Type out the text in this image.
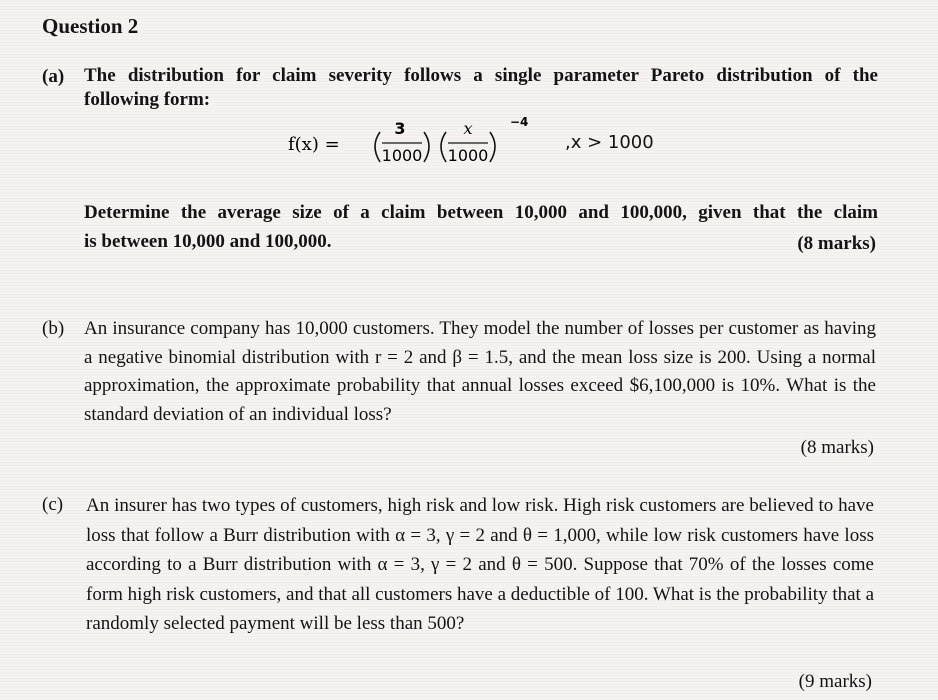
Question 2
(a) The distribution for claim severity follows a single parameter Pareto distribution of the
following form:
f(x) =
3
1000
x
1000
−4
,x > 1000
Determine the average size of a claim between 10,000 and 100,000, given that the claim
is between 10,000 and 100,000.	(8 marks)
(b) An insurance company has 10,000 customers. They model the number of losses per customer as having a negative binomial distribution with r = 2 and β = 1.5, and the mean loss size is 200. Using a normal approximation, the approximate probability that annual losses exceed $6,100,000 is 10%. What is the standard deviation of an individual loss?
(8 marks)
(c) An insurer has two types of customers, high risk and low risk. High risk customers are believed to have loss that follow a Burr distribution with α = 3, γ = 2 and θ = 1,000, while low risk customers have loss according to a Burr distribution with α = 3, γ = 2 and θ = 500. Suppose that 70% of the losses come form high risk customers, and that all customers have a deductible of 100. What is the probability that a randomly selected payment will be less than 500?
(9 marks)
